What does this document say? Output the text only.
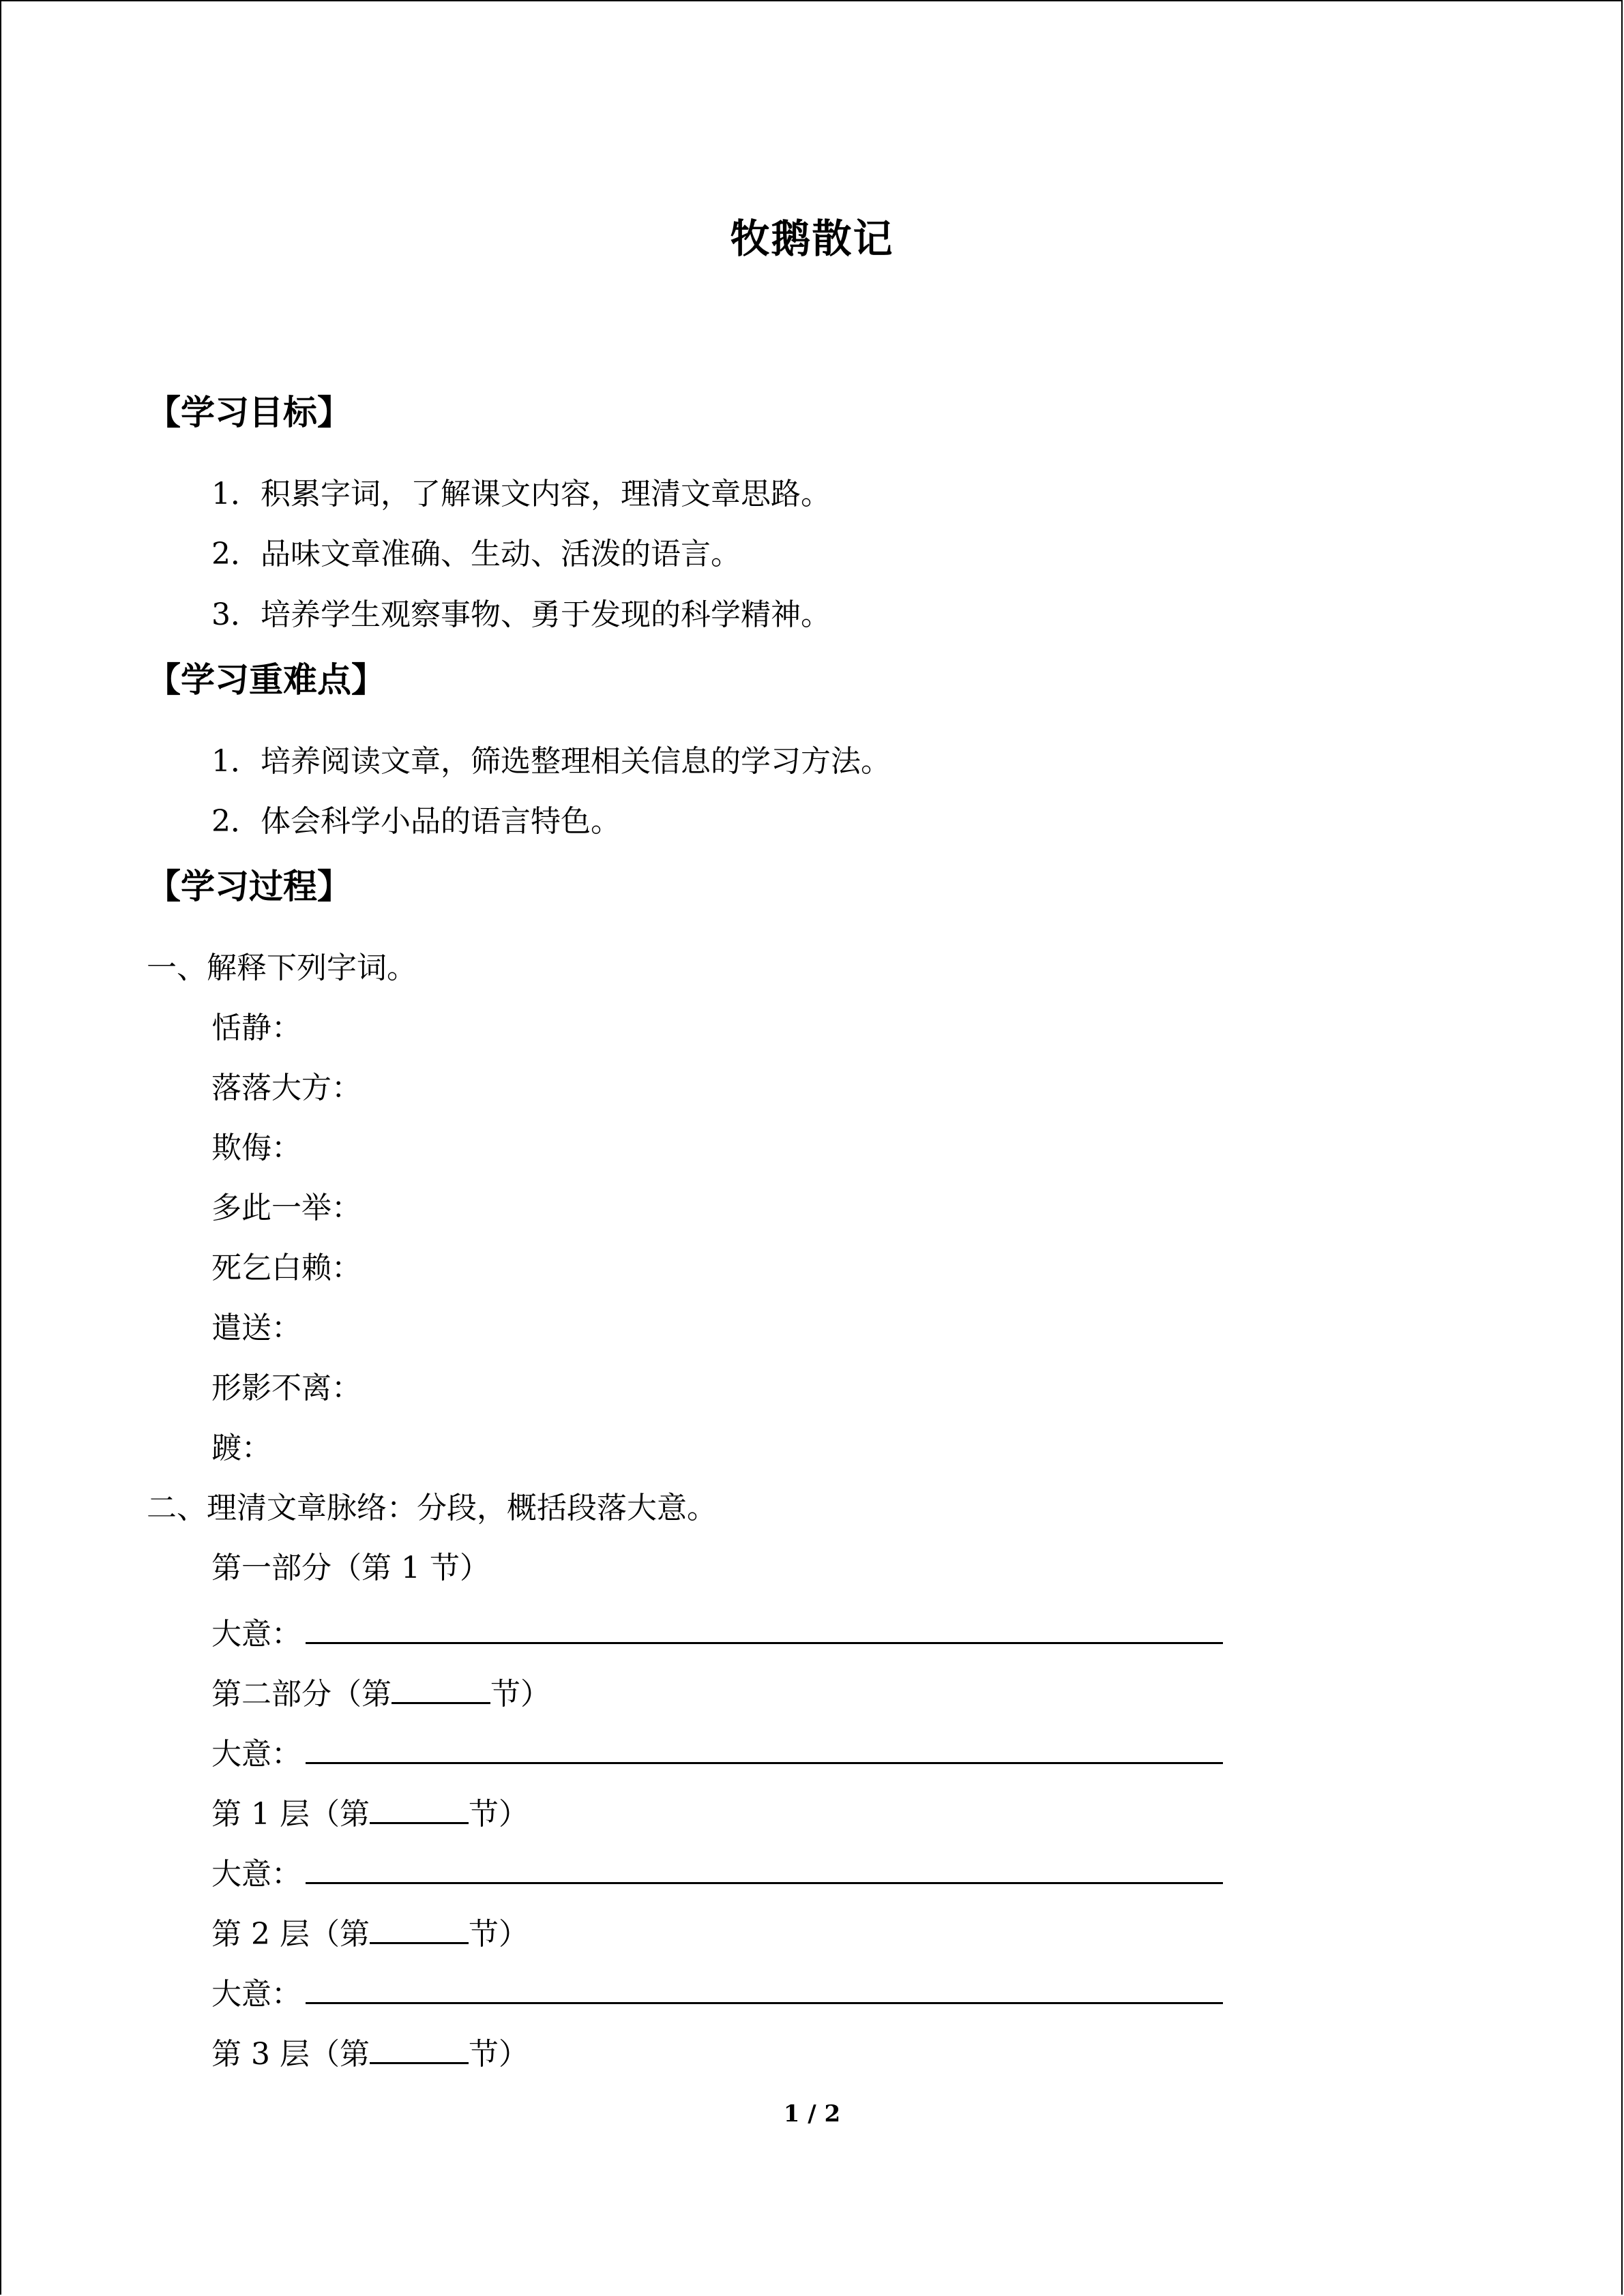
牧鹅散记
【学习目标】
1．积累字词，了解课文内容，理清文章思路。
2．品味文章准确、生动、活泼的语言。
3．培养学生观察事物、勇于发现的科学精神。
【学习重难点】
1．培养阅读文章，筛选整理相关信息的学习方法。
2．体会科学小品的语言特色。
【学习过程】
一、解释下列字词。
恬静：
落落大方：
欺侮：
多此一举：
死乞白赖：
遣送：
形影不离：
踱：
二、理清文章脉络：分段，概括段落大意。
第一部分（第 1 节）
大意：
第二部分（第	节）
大意：
第 1 层（第	节）
大意：
第 2 层（第	节）
大意：
第 3 层（第	节）
1 / 2
